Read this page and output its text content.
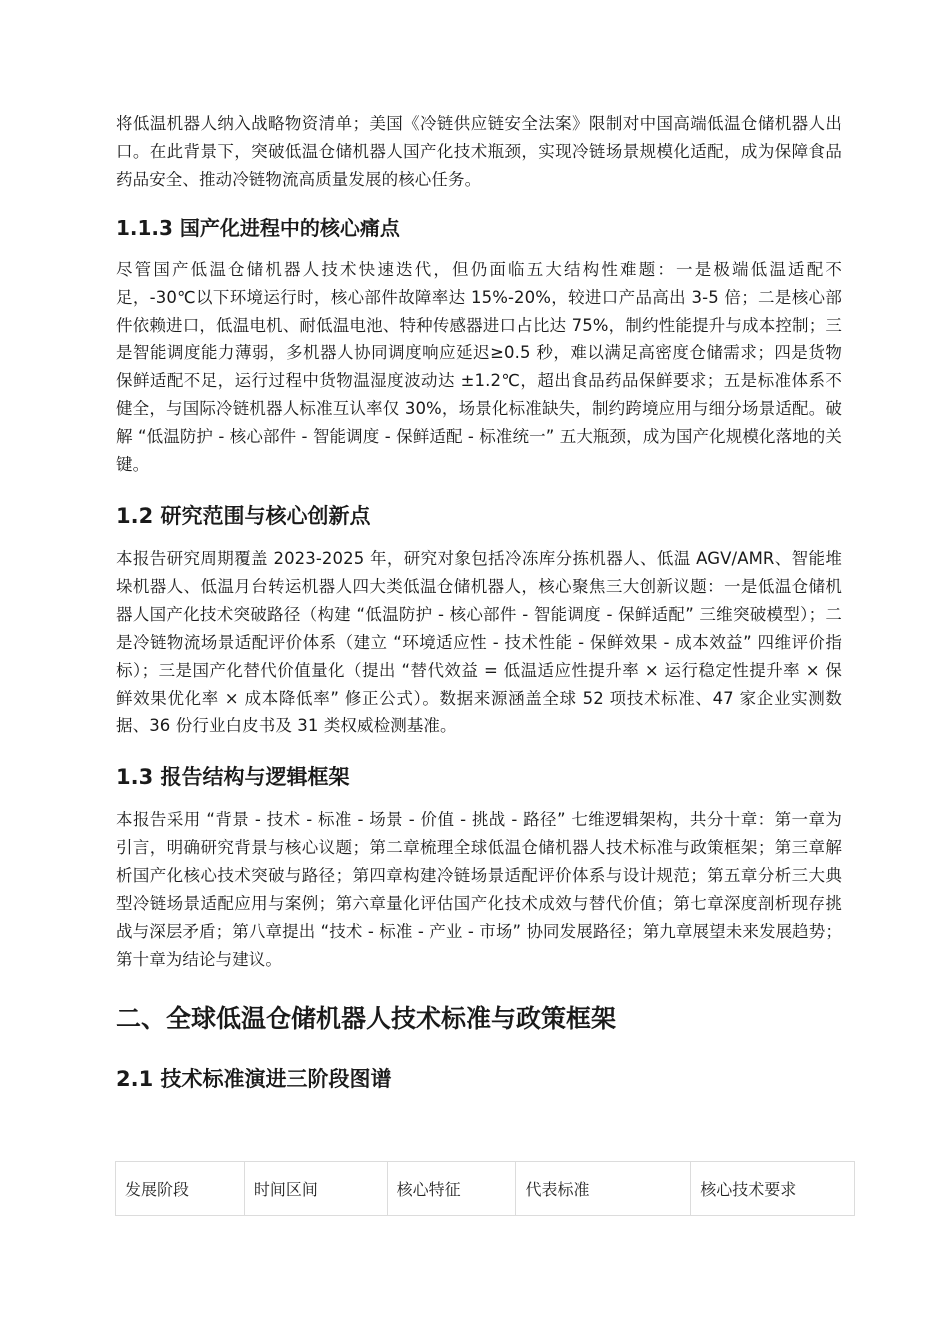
将低温机器人纳入战略物资清单；美国《冷链供应链安全法案》限制对中国高端低温仓储机器人出口。在此背景下，突破低温仓储机器人国产化技术瓶颈，实现冷链场景规模化适配，成为保障食品药品安全、推动冷链物流高质量发展的核心任务。

1.1.3 国产化进程中的核心痛点

尽管国产低温仓储机器人技术快速迭代，但仍面临五大结构性难题：一是极端低温适配不足，-30℃以下环境运行时，核心部件故障率达 15%-20%，较进口产品高出 3-5 倍；二是核心部件依赖进口，低温电机、耐低温电池、特种传感器进口占比达 75%，制约性能提升与成本控制；三是智能调度能力薄弱，多机器人协同调度响应延迟≥0.5 秒，难以满足高密度仓储需求；四是货物保鲜适配不足，运行过程中货物温湿度波动达 ±1.2℃，超出食品药品保鲜要求；五是标准体系不健全，与国际冷链机器人标准互认率仅 30%，场景化标准缺失，制约跨境应用与细分场景适配。破解 “低温防护 - 核心部件 - 智能调度 - 保鲜适配 - 标准统一” 五大瓶颈，成为国产化规模化落地的关键。

1.2 研究范围与核心创新点

本报告研究周期覆盖 2023-2025 年，研究对象包括冷冻库分拣机器人、低温 AGV/AMR、智能堆垛机器人、低温月台转运机器人四大类低温仓储机器人，核心聚焦三大创新议题：一是低温仓储机器人国产化技术突破路径（构建 “低温防护 - 核心部件 - 智能调度 - 保鲜适配” 三维突破模型）；二是冷链物流场景适配评价体系（建立 “环境适应性 - 技术性能 - 保鲜效果 - 成本效益” 四维评价指标）；三是国产化替代价值量化（提出 “替代效益 = 低温适应性提升率 × 运行稳定性提升率 × 保鲜效果优化率 × 成本降低率” 修正公式）。数据来源涵盖全球 52 项技术标准、47 家企业实测数据、36 份行业白皮书及 31 类权威检测基准。

1.3 报告结构与逻辑框架

本报告采用 “背景 - 技术 - 标准 - 场景 - 价值 - 挑战 - 路径” 七维逻辑架构，共分十章：第一章为引言，明确研究背景与核心议题；第二章梳理全球低温仓储机器人技术标准与政策框架；第三章解析国产化核心技术突破与路径；第四章构建冷链场景适配评价体系与设计规范；第五章分析三大典型冷链场景适配应用与案例；第六章量化评估国产化技术成效与替代价值；第七章深度剖析现存挑战与深层矛盾；第八章提出 “技术 - 标准 - 产业 - 市场” 协同发展路径；第九章展望未来发展趋势；第十章为结论与建议。

二、全球低温仓储机器人技术标准与政策框架
2.1 技术标准演进三阶段图谱
发展阶段	时间区间	核心特征	代表标准	核心技术要求
